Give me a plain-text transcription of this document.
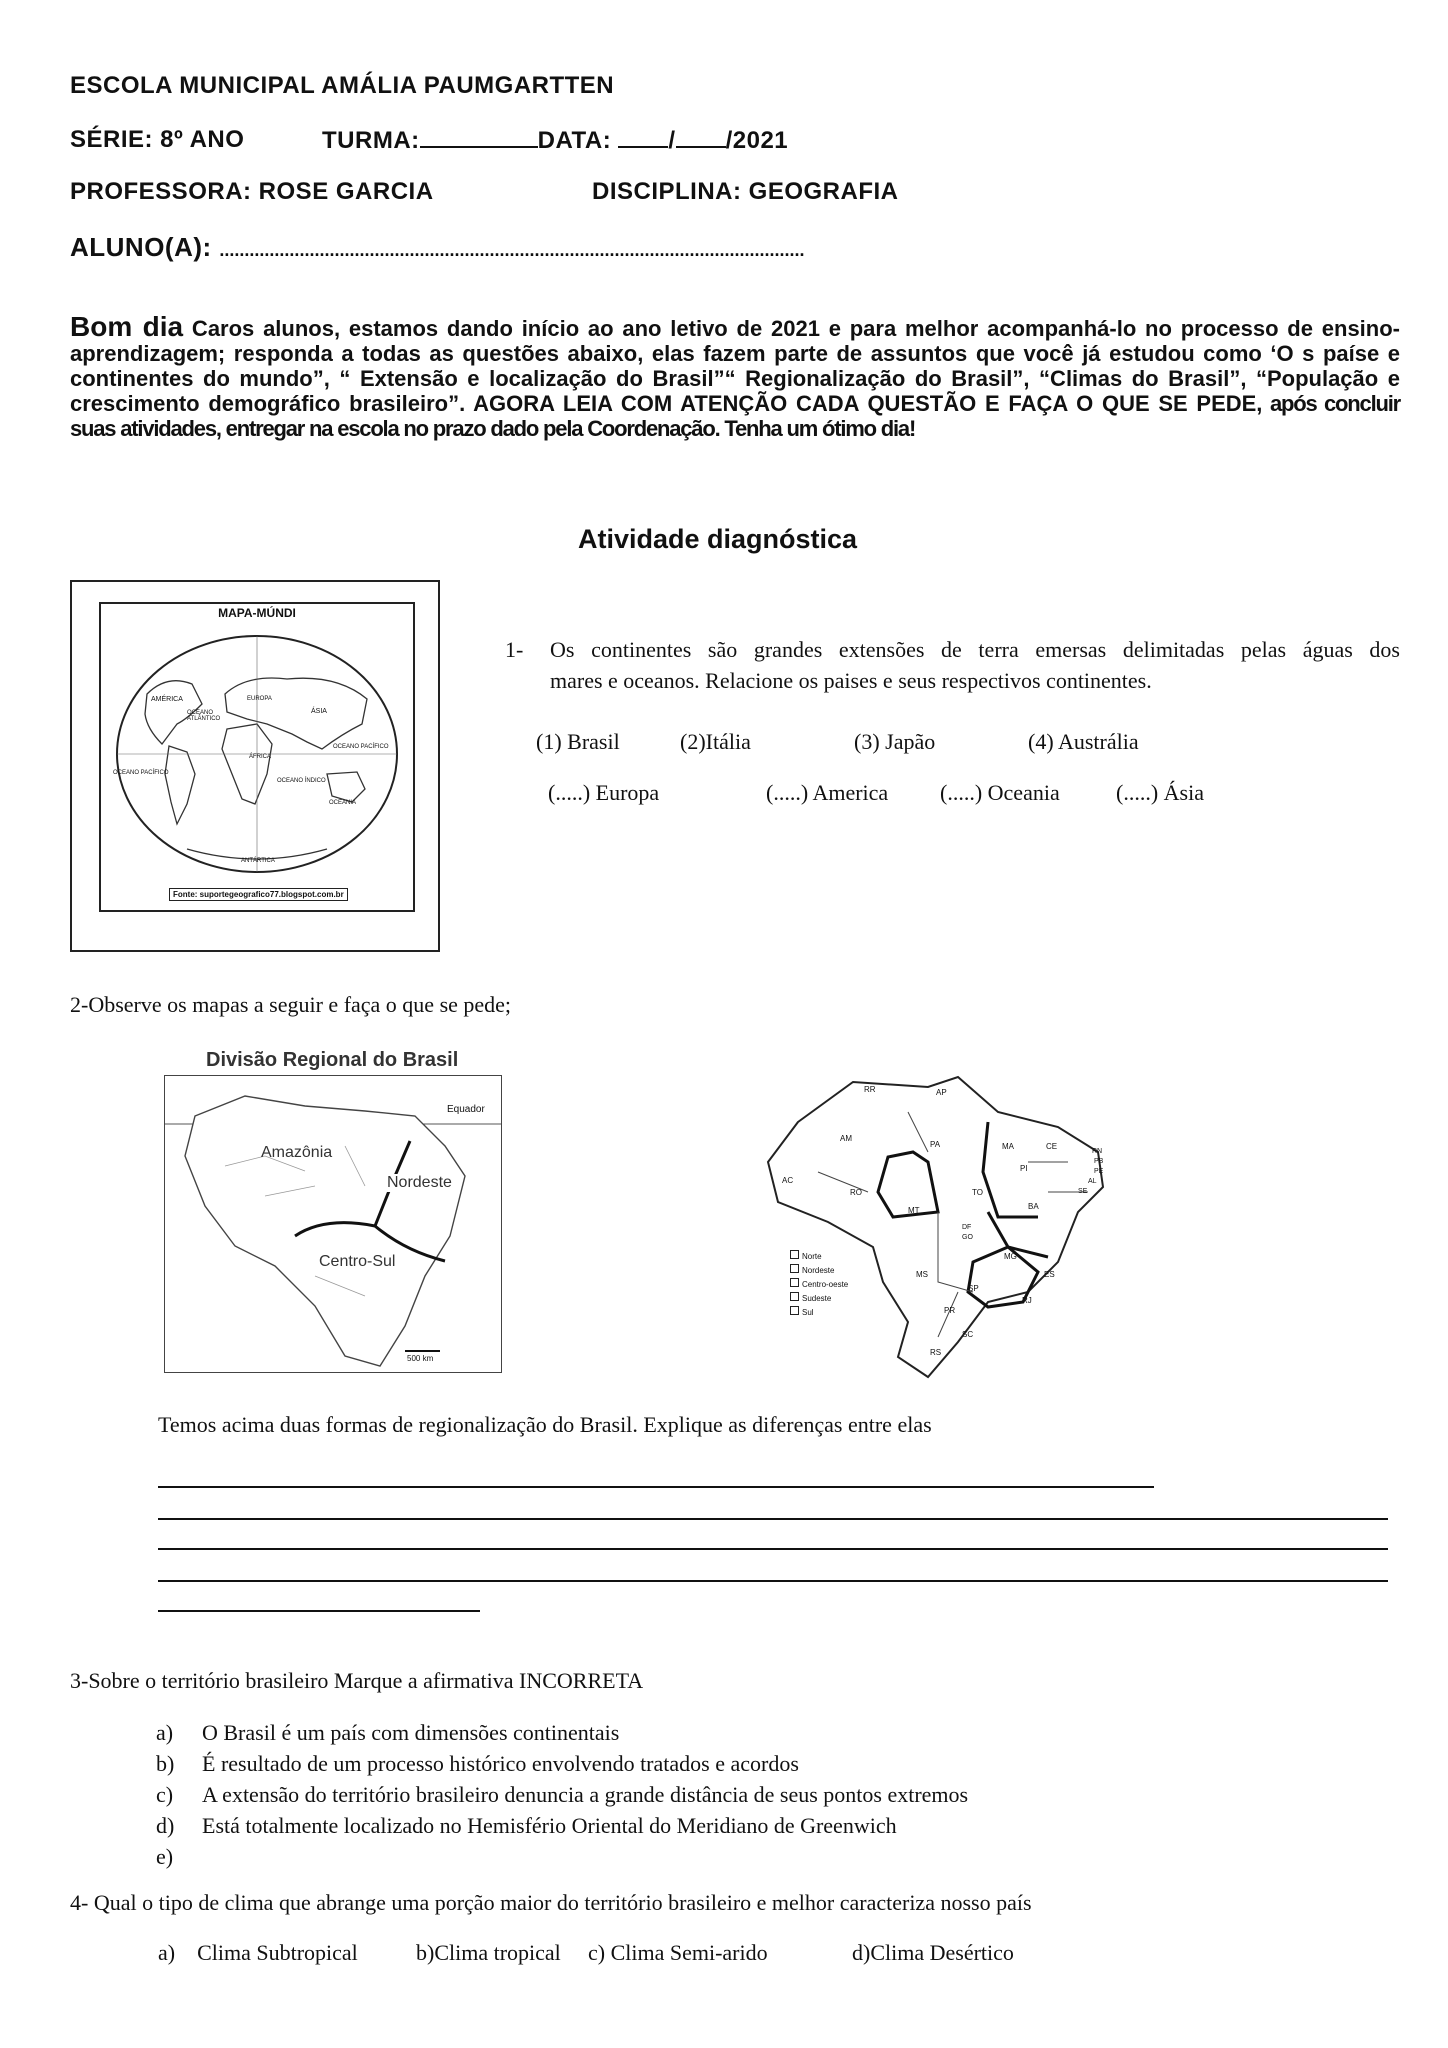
ESCOLA MUNICIPAL AMÁLIA PAUMGARTTEN
SÉRIE: 8º ANO	TURMA:	DATA: / /2021
PROFESSORA: ROSE GARCIA	DISCIPLINA: GEOGRAFIA
ALUNO(A): .....................................................................................................................
Bom dia Caros alunos, estamos dando início ao ano letivo de 2021 e para melhor acompanhá-lo no processo de ensino-aprendizagem; responda a todas as questões abaixo, elas fazem parte de assuntos que você já estudou como ‘O s paíse e continentes do mundo”, “ Extensão e localização do Brasil”“ Regionalização do Brasil”, “Climas do Brasil”, “População e crescimento demográfico brasileiro”. AGORA LEIA COM ATENÇÃO CADA QUESTÃO E FAÇA O QUE SE PEDE, após concluir suas atividades, entregar na escola no prazo dado pela Coordenação. Tenha um ótimo dia!
Atividade diagnóstica
MAPA-MÚNDI
AMÉRICA
OCEANO ATLÂNTICO
EUROPA
ÁSIA
ÁFRICA
OCEANO PACÍFICO
OCEANO PACÍFICO
OCEANO ÍNDICO
OCEANIA
ANTÁRTICA
Fonte: suportegeografico77.blogspot.com.br
1- Os continentes são grandes extensões de terra emersas delimitadas pelas águas dos
mares e oceanos. Relacione os paises e seus respectivos continentes.
(1) Brasil	(2)Itália	(3) Japão	(4) Austrália
(.....) Europa	(.....) America (.....) Oceania	(.....) Ásia
2-Observe os mapas a seguir e faça o que se pede;
Divisão Regional do Brasil
Equador
Amazônia
Nordeste
Centro-Sul
500 km
RR	AP
AM
PA	MA	CE
RN
PB
PE
AL
SE
PI
AC
RO	TO
BA
MT
DF
GO
MG
ES
MS
SP
RJ
PR
SC
RS
Norte
Nordeste
Centro-oeste
Sudeste
Sul
Temos acima duas formas de regionalização do Brasil. Explique as diferenças entre elas
3-Sobre o território brasileiro Marque a afirmativa INCORRETA
a)	O Brasil é um país com dimensões continentais
b)	É resultado de um processo histórico envolvendo tratados e acordos
c)	A extensão do território brasileiro denuncia a grande distância de seus pontos extremos
d)	Está totalmente localizado no Hemisfério Oriental do Meridiano de Greenwich
e)
4- Qual o tipo de clima que abrange uma porção maior do território brasileiro e melhor caracteriza nosso país
a)    Clima Subtropical	b)Clima tropical c) Clima Semi-arido	d)Clima Desértico
